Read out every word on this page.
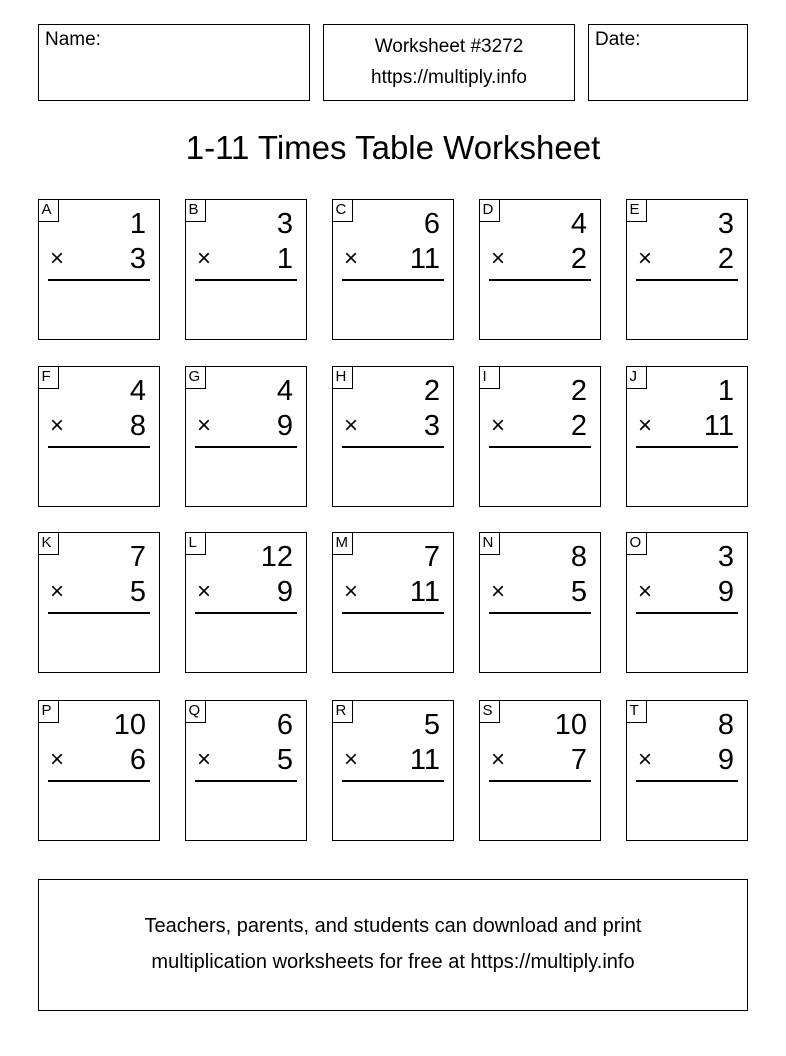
Name:	Worksheet #3272
https://multiply.info
Date:
1-11 Times Table Worksheet
A	1
× 3
B	3
× 1
C	6
× 11
D	4
× 2
E	3
× 2
F	4
× 8
G	4
× 9
H	2
× 3
I	2
× 2
J	1
× 11
K	7
× 5
L 12
× 9
M	7
× 11
N	8
× 5
O	3
× 9
P 10
× 6
Q	6
× 5
R	5
× 11
S 10
× 7
T	8
× 9
Teachers, parents, and students can download and print
multiplication worksheets for free at https://multiply.info
